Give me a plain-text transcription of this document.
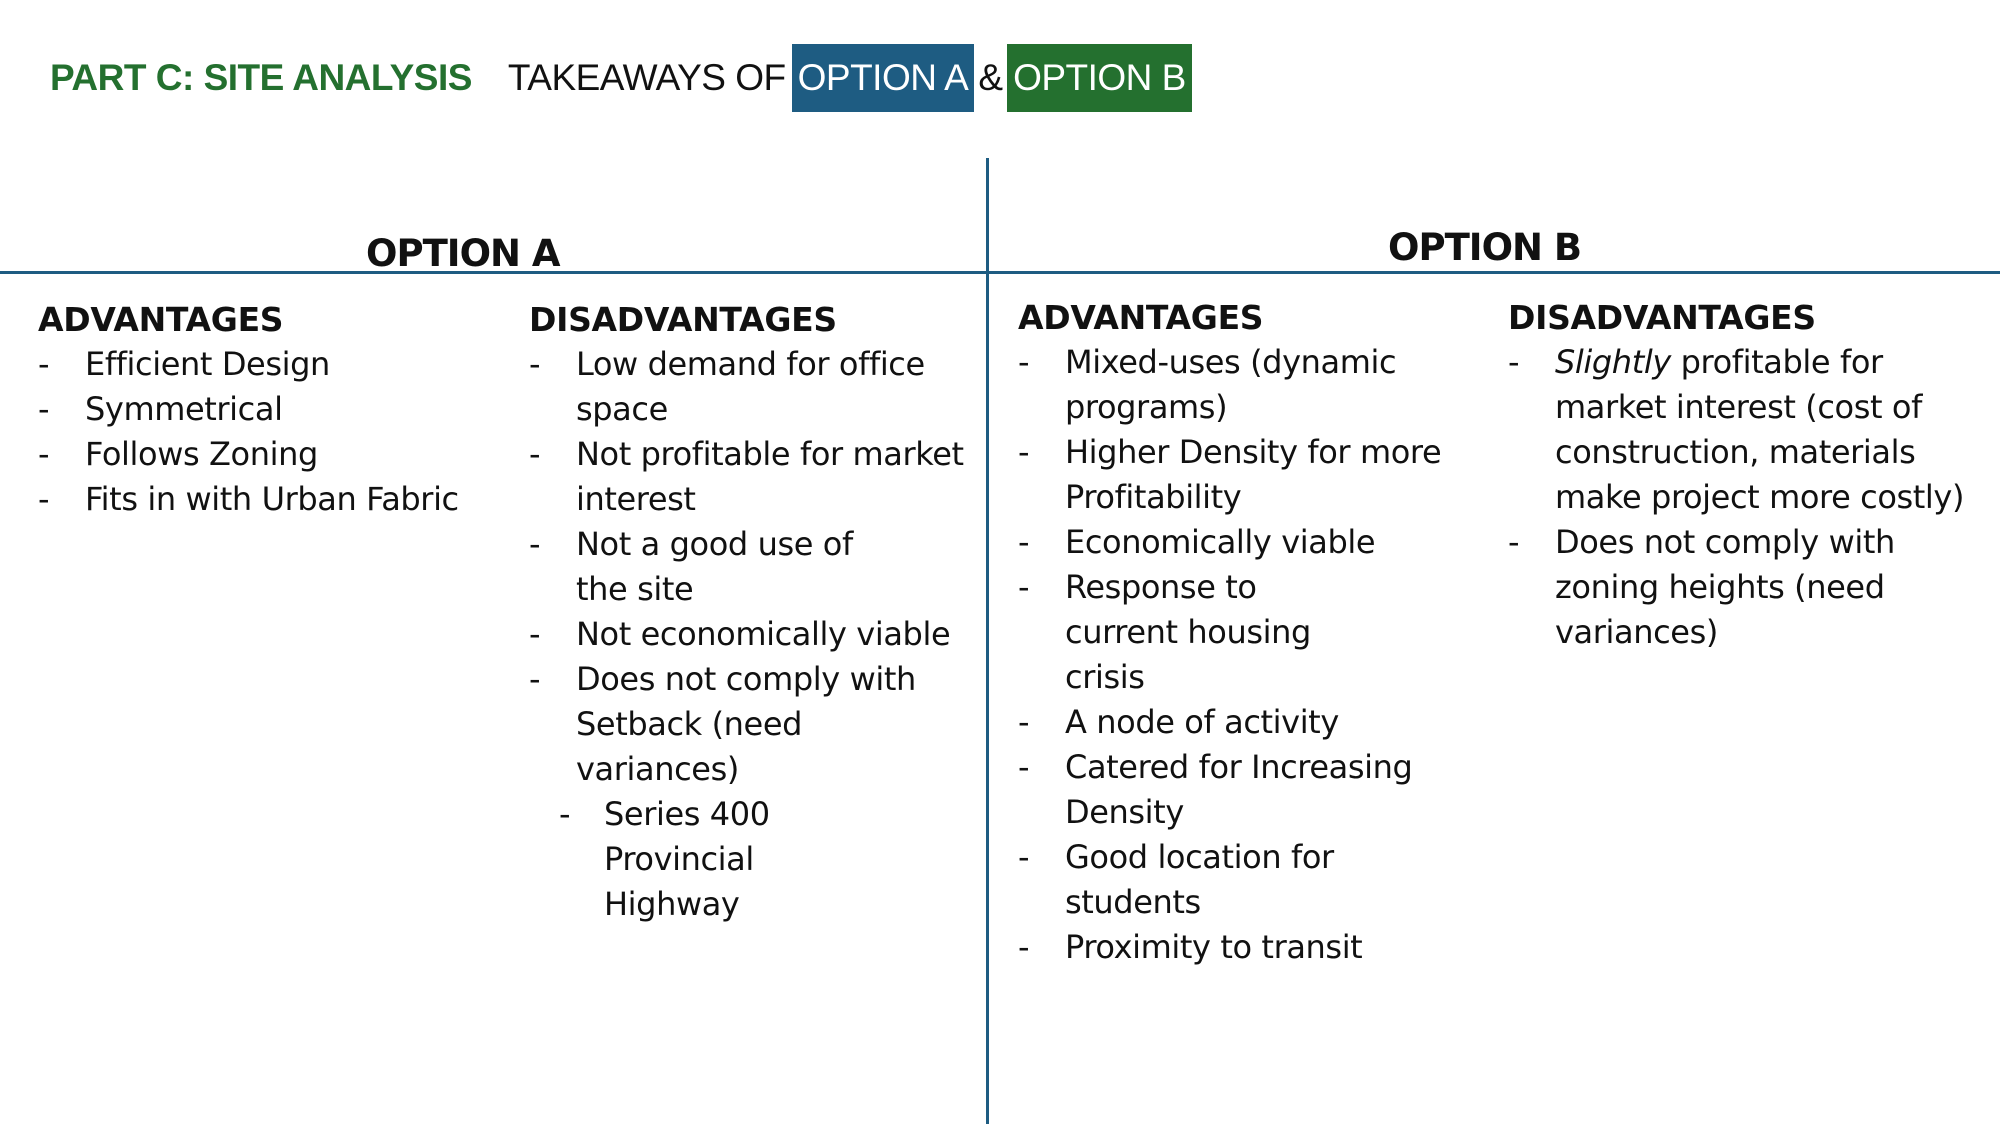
PART C: SITE ANALYSIS TAKEAWAYS OF OPTION A & OPTION B
OPTION A	OPTION B
ADVANTAGES
- Efficient Design
- Symmetrical
- Follows Zoning
- Fits in with Urban Fabric
DISADVANTAGES
- Low demand for office space
- Not profitable for market interest
- Not a good use of the site
- Not economically viable
- Does not comply with Setback (need variances)
- Series 400 Provincial Highway
ADVANTAGES
- Mixed-uses (dynamic programs)
- Higher Density for more Profitability
- Economically viable
- Response to current housing crisis
- A node of activity
- Catered for Increasing Density
- Good location for students
- Proximity to transit
DISADVANTAGES
- Slightly profitable for market interest (cost of construction, materials make project more costly)
- Does not comply with zoning heights (need variances)
